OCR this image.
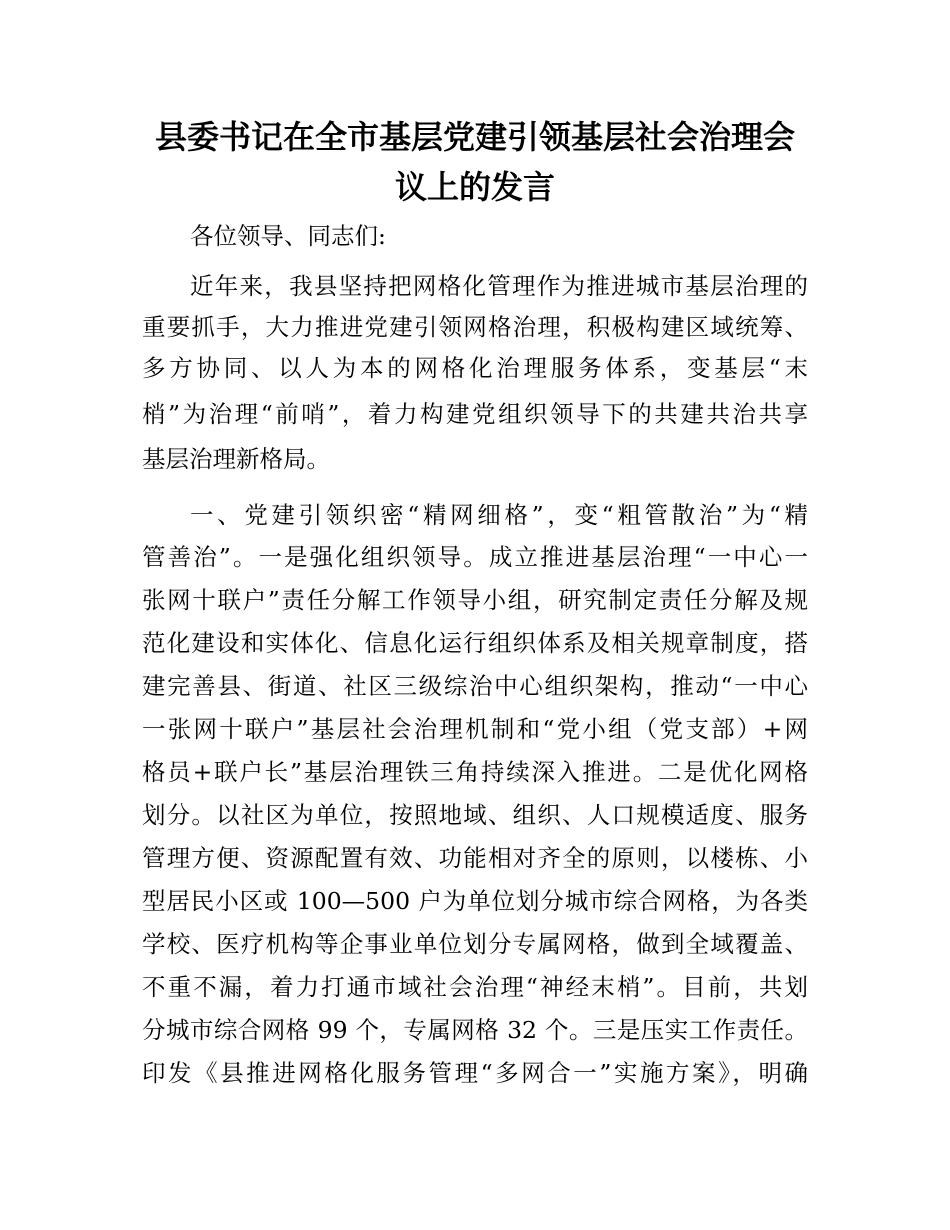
县委书记在全市基层党建引领基层社会治理会议上的发言
各位领导、同志们:
近年来，我县坚持把网格化管理作为推进城市基层治理的
重要抓手，大力推进党建引领网格治理，积极构建区域统筹、
多方协同、以人为本的网格化治理服务体系，变基层“末
梢”为治理“前哨”，着力构建党组织领导下的共建共治共享
基层治理新格局。
一、党建引领织密“精网细格”，变“粗管散治”为“精
管善治”。一是强化组织领导。成立推进基层治理“一中心一
张网十联户”责任分解工作领导小组，研究制定责任分解及规
范化建设和实体化、信息化运行组织体系及相关规章制度，搭
建完善县、街道、社区三级综治中心组织架构，推动“一中心
一张网十联户”基层社会治理机制和“党小组（党支部）+网
格员+联户长”基层治理铁三角持续深入推进。二是优化网格
划分。以社区为单位，按照地域、组织、人口规模适度、服务
管理方便、资源配置有效、功能相对齐全的原则，以楼栋、小
型居民小区或 100—500 户为单位划分城市综合网格，为各类
学校、医疗机构等企事业单位划分专属网格，做到全域覆盖、
不重不漏，着力打通市域社会治理“神经末梢”。目前，共划
分城市综合网格 99 个，专属网格 32 个。三是压实工作责任。
印发《县推进网格化服务管理“多网合一”实施方案》，明确
